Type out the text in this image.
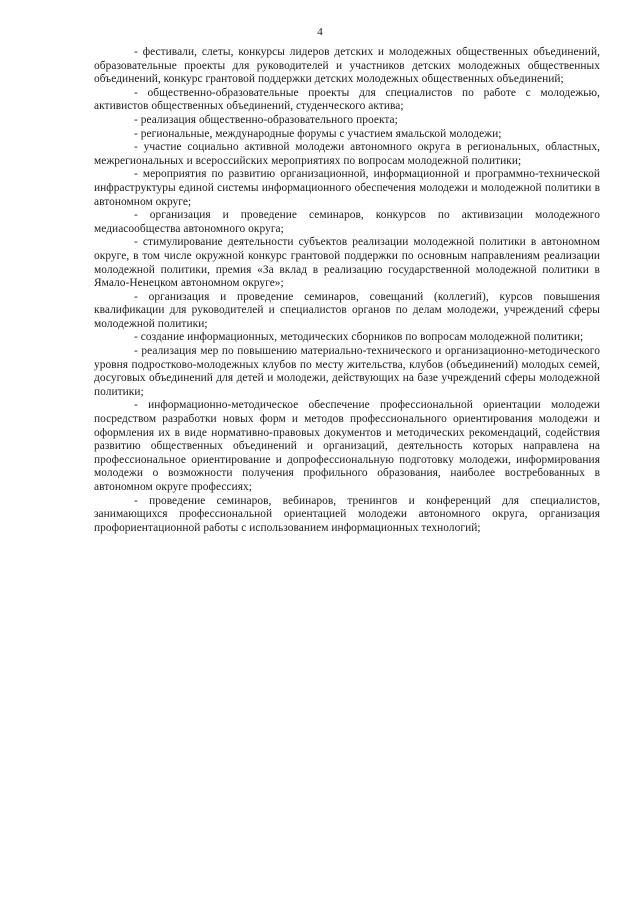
4

- фестивали, слеты, конкурсы лидеров детских и молодежных общественных объединений, образовательные проекты для руководителей и участников детских молодежных общественных объединений, конкурс грантовой поддержки детских молодежных общественных объединений;

- общественно-образовательные проекты для специалистов по работе с молодежью, активистов общественных объединений, студенческого актива;

- реализация общественно-образовательного проекта;

- региональные, международные форумы с участием ямальской молодежи;

- участие социально активной молодежи автономного округа в региональных, областных, межрегиональных и всероссийских мероприятиях по вопросам молодежной политики;

- мероприятия по развитию организационной, информационной и программно-технической инфраструктуры единой системы информационного обеспечения молодежи и молодежной политики в автономном округе;

- организация и проведение семинаров, конкурсов по активизации молодежного медиасообщества автономного округа;

- стимулирование деятельности субъектов реализации молодежной политики в автономном округе, в том числе окружной конкурс грантовой поддержки по основным направлениям реализации молодежной политики, премия «За вклад в реализацию государственной молодежной политики в Ямало-Ненецком автономном округе»;

- организация и проведение семинаров, совещаний (коллегий), курсов повышения квалификации для руководителей и специалистов органов по делам молодежи, учреждений сферы молодежной политики;

- создание информационных, методических сборников по вопросам молодежной политики;

- реализация мер по повышению материально-технического и организационно-методического уровня подростково-молодежных клубов по месту жительства, клубов (объединений) молодых семей, досуговых объединений для детей и молодежи, действующих на базе учреждений сферы молодежной политики;

- информационно-методическое обеспечение профессиональной ориентации молодежи посредством разработки новых форм и методов профессионального ориентирования молодежи и оформления их в виде нормативно-правовых документов и методических рекомендаций, содействия развитию общественных объединений и организаций, деятельность которых направлена на профессиональное ориентирование и допрофессиональную подготовку молодежи, информирования молодежи о возможности получения профильного образования, наиболее востребованных в автономном округе профессиях;

- проведение семинаров, вебинаров, тренингов и конференций для специалистов, занимающихся профессиональной ориентацией молодежи автономного округа, организация профориентационной работы с использованием информационных технологий;
